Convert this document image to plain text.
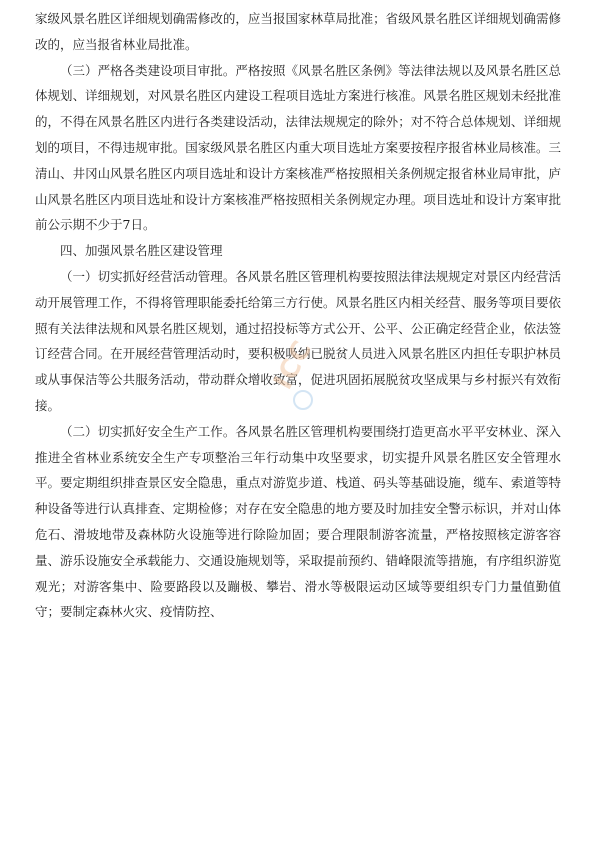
家级风景名胜区详细规划确需修改的，应当报国家林草局批准；省级风景名胜区详细规划确需修改的，应当报省林业局批准。

（三）严格各类建设项目审批。严格按照《风景名胜区条例》等法律法规以及风景名胜区总体规划、详细规划，对风景名胜区内建设工程项目选址方案进行核准。风景名胜区规划未经批准的，不得在风景名胜区内进行各类建设活动，法律法规规定的除外；对不符合总体规划、详细规划的项目，不得违规审批。国家级风景名胜区内重大项目选址方案要按程序报省林业局核准。三清山、井冈山风景名胜区内项目选址和设计方案核准严格按照相关条例规定报省林业局审批，庐山风景名胜区内项目选址和设计方案核准严格按照相关条例规定办理。项目选址和设计方案审批前公示期不少于7日。

四、加强风景名胜区建设管理

（一）切实抓好经营活动管理。各风景名胜区管理机构要按照法律法规规定对景区内经营活动开展管理工作，不得将管理职能委托给第三方行使。风景名胜区内相关经营、服务等项目要依照有关法律法规和风景名胜区规划，通过招投标等方式公开、公平、公正确定经营企业，依法签订经营合同。在开展经营管理活动时，要积极吸纳已脱贫人员进入风景名胜区内担任专职护林员或从事保洁等公共服务活动，带动群众增收致富，促进巩固拓展脱贫攻坚成果与乡村振兴有效衔接。

（二）切实抓好安全生产工作。各风景名胜区管理机构要围绕打造更高水平平安林业、深入推进全省林业系统安全生产专项整治三年行动集中攻坚要求，切实提升风景名胜区安全管理水平。要定期组织排查景区安全隐患，重点对游览步道、栈道、码头等基础设施，缆车、索道等特种设备等进行认真排查、定期检修；对存在安全隐患的地方要及时加挂安全警示标识，并对山体危石、滑坡地带及森林防火设施等进行除险加固；要合理限制游客流量，严格按照核定游客容量、游乐设施安全承载能力、交通设施规划等，采取提前预约、错峰限流等措施，有序组织游览观光；对游客集中、险要路段以及蹦极、攀岩、滑水等极限运动区域等要组织专门力量值勤值守；要制定森林火灾、疫情防控、

ICC
